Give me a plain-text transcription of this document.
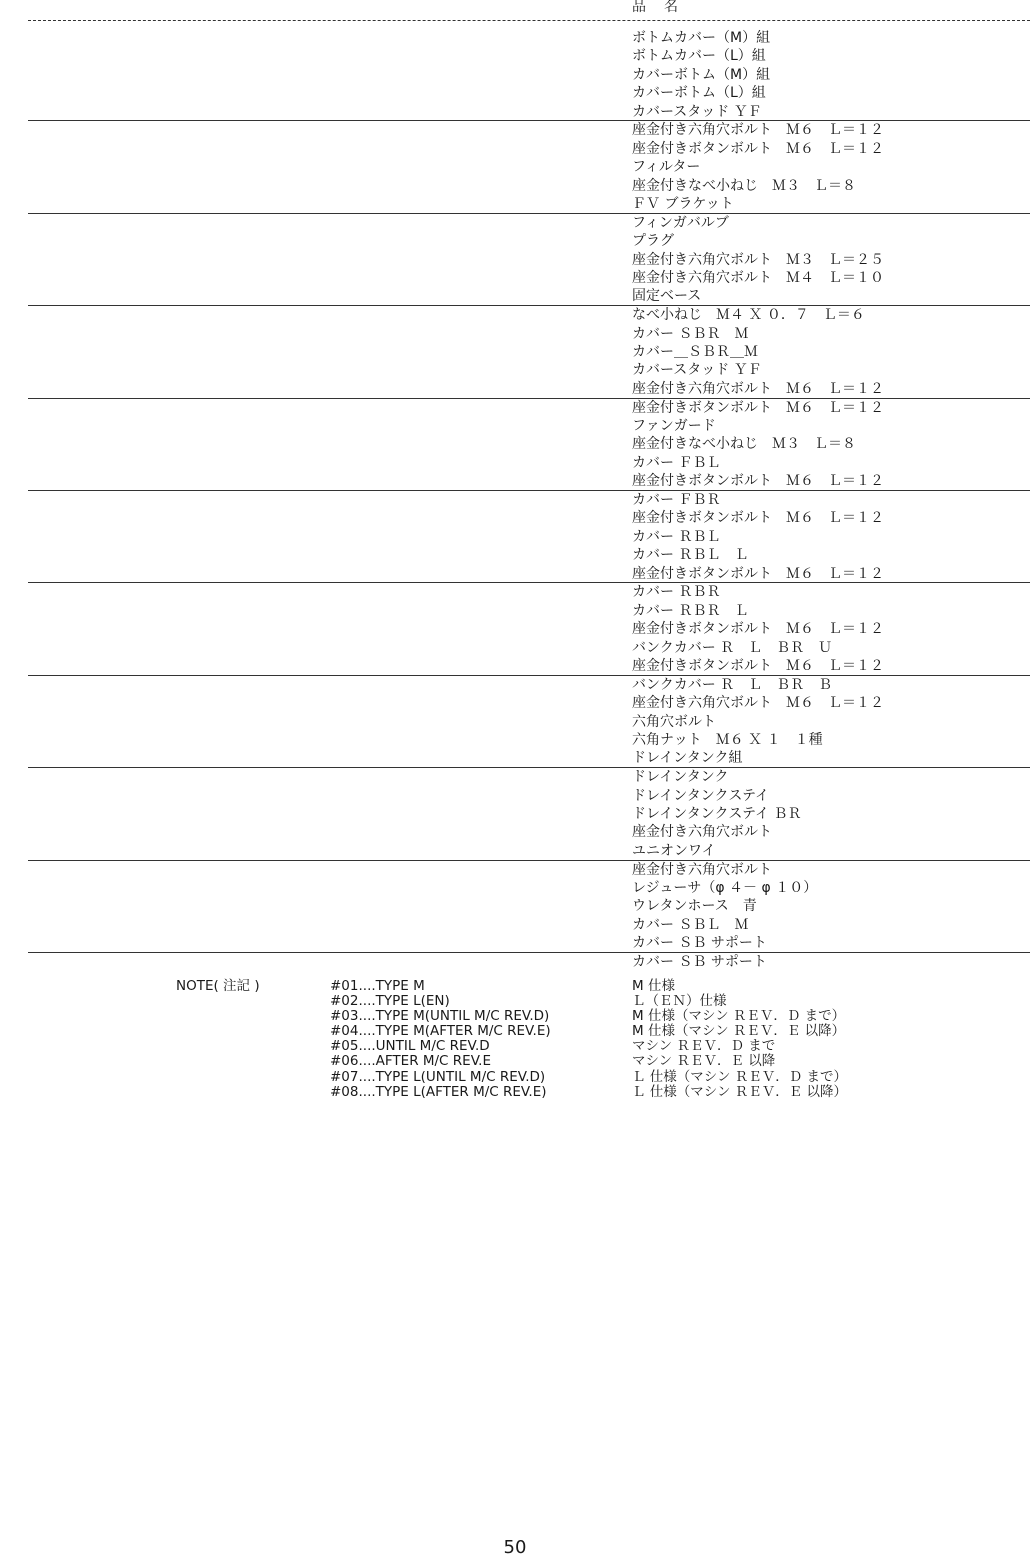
品　名
ボトムカバー（M）組
ボトムカバー（L）組
カバーボトム（M）組
カバーボトム（L）組
カバースタッド ＹＦ
座金付き六角穴ボルト　Ｍ６　Ｌ＝１２
座金付きボタンボルト　Ｍ６　Ｌ＝１２
フィルター
座金付きなべ小ねじ　Ｍ３　Ｌ＝８
ＦＶ ブラケット
フィンガバルブ
プラグ
座金付き六角穴ボルト　Ｍ３　Ｌ＝２５
座金付き六角穴ボルト　Ｍ４　Ｌ＝１０
固定ベース
なべ小ねじ　Ｍ４ Ｘ ０．７　Ｌ＝６
カバー ＳＢＲ　Ｍ
カバー＿ＳＢＲ＿Ｍ
カバースタッド ＹＦ
座金付き六角穴ボルト　Ｍ６　Ｌ＝１２
座金付きボタンボルト　Ｍ６　Ｌ＝１２
ファンガード
座金付きなべ小ねじ　Ｍ３　Ｌ＝８
カバー ＦＢＬ
座金付きボタンボルト　Ｍ６　Ｌ＝１２
カバー ＦＢＲ
座金付きボタンボルト　Ｍ６　Ｌ＝１２
カバー ＲＢＬ
カバー ＲＢＬ　Ｌ
座金付きボタンボルト　Ｍ６　Ｌ＝１２
カバー ＲＢＲ
カバー ＲＢＲ　Ｌ
座金付きボタンボルト　Ｍ６　Ｌ＝１２
バンクカバー Ｒ　Ｌ　ＢＲ　Ｕ
座金付きボタンボルト　Ｍ６　Ｌ＝１２
バンクカバー Ｒ　Ｌ　ＢＲ　Ｂ
座金付き六角穴ボルト　Ｍ６　Ｌ＝１２
六角穴ボルト
六角ナット　Ｍ６ Ｘ １　１種
ドレインタンク組
ドレインタンク
ドレインタンクステイ
ドレインタンクステイ ＢＲ
座金付き六角穴ボルト
ユニオンワイ
座金付き六角穴ボルト
レジューサ（φ ４－ φ １０）
ウレタンホース　青
カバー ＳＢＬ　Ｍ
カバー ＳＢ サポート
カバー ＳＢ サポート
NOTE( 注記 )	#01....TYPE M
#02....TYPE L(EN)
#03....TYPE M(UNTIL M/C REV.D)
#04....TYPE M(AFTER M/C REV.E)
#05....UNTIL M/C REV.D
#06....AFTER M/C REV.E
#07....TYPE L(UNTIL M/C REV.D)
#08....TYPE L(AFTER M/C REV.E)
M 仕様
Ｌ（ＥＮ）仕様
M 仕様（マシン ＲＥＶ．Ｄ まで）
M 仕様（マシン ＲＥＶ．Ｅ 以降）
マシン ＲＥＶ．Ｄ まで
マシン ＲＥＶ．Ｅ 以降
Ｌ 仕様（マシン ＲＥＶ．Ｄ まで）
Ｌ 仕様（マシン ＲＥＶ．Ｅ 以降）
50
